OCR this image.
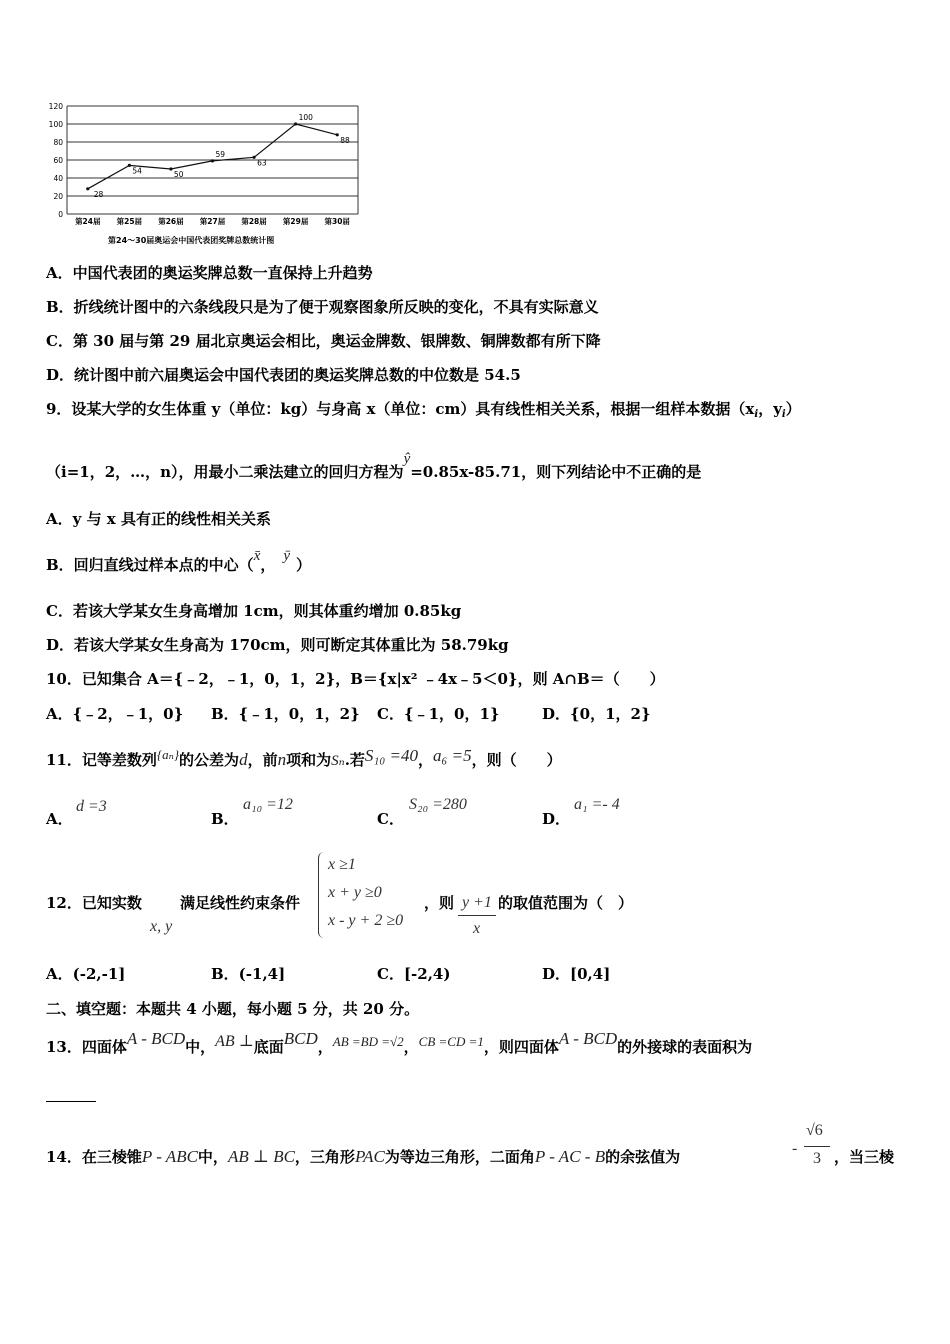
0
20
40
60
80
100
120
第24届 第25届 第26届 第27届 第28届 第29届 第30届
28
54	50
59
63
100
88
第24～30届奥运会中国代表团奖牌总数统计图
A．中国代表团的奥运奖牌总数一直保持上升趋势
B．折线统计图中的六条线段只是为了便于观察图象所反映的变化，不具有实际意义
C．第 30 届与第 29 届北京奥运会相比，奥运金牌数、银牌数、铜牌数都有所下降
D．统计图中前六届奥运会中国代表团的奥运奖牌总数的中位数是 54.5
9．设某大学的女生体重 y（单位：kg）与身高 x（单位：cm）具有线性相关关系，根据一组样本数据（$x_i$，$y_i$）
（i=1，2，…，n），用最小二乘法建立的回归方程为ŷ=0.85x-85.71，则下列结论中不正确的是
A．y 与 x 具有正的线性相关关系
B．回归直线过样本点的中心（x̄， ȳ ）
C．若该大学某女生身高增加 1cm，则其体重约增加 0.85kg
D．若该大学某女生身高为 170cm，则可断定其体重比为 58.79kg
10．已知集合 A＝{﹣2，﹣1，0，1，2}，B＝{x|x² ﹣4x﹣5＜0}，则 A∩B＝（　　）
A．{﹣2，﹣1，0} B．{﹣1，0，1，2} C．{﹣1，0，1}	D．{0，1，2}
11．记等差数列{aₙ}的公差为d，前n项和为Sₙ.若S₁₀ =40，a₆ =5，则（　　）
A．
d =3
B．
a₁₀ =12
C．
S₂₀ =280
D．
a₁ =- 4
12．已知实数
x, y
满足线性约束条件
x ≥1
x + y ≥0
x - y + 2 ≥0
，则 y +1
x
的取值范围为（　）
A．(-2,-1]	B．(-1,4]	C．[-2,4)	D．[0,4]
二、填空题：本题共 4 小题，每小题 5 分，共 20 分。
13．四面体A - BCD中，AB ⊥底面BCD，AB =BD =√2，CB =CD =1，则四面体A - BCD的外接球的表面积为
14．在三棱锥P - ABC中，AB ⊥ BC，三角形PAC为等边三角形，二面角P - AC - B的余弦值为	-
√6
3 ，当三棱
